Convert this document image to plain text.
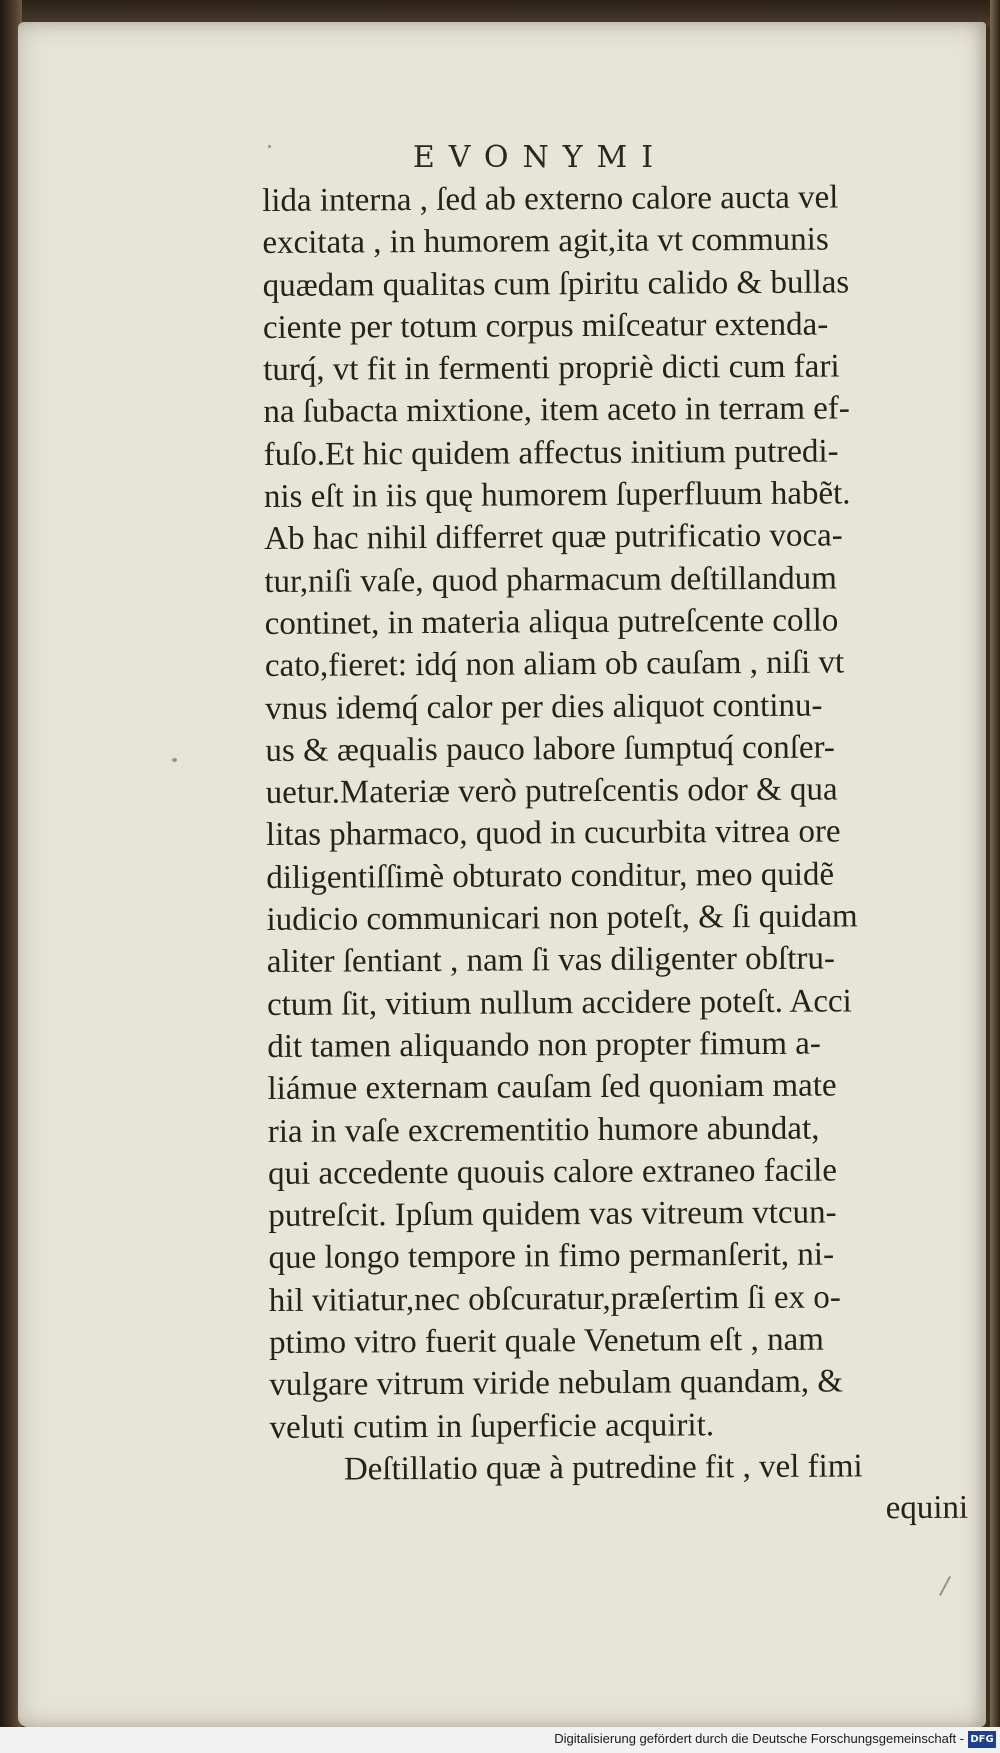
EVONYMI
lida interna , ſed ab externo calore aucta vel
excitata , in humorem agit,ita vt communis
quædam qualitas cum ſpiritu calido & bullas
ciente per totum corpus miſceatur extenda-
turq́, vt fit in fermenti propriè dicti cum fari
na ſubacta mixtione, item aceto in terram ef-
fuſo.Et hic quidem affectus initium putredi-
nis eſt in iis quę humorem ſuperfluum habẽt.
Ab hac nihil differret quæ putrificatio voca-
tur,niſi vaſe, quod pharmacum deſtillandum
continet, in materia aliqua putreſcente collo
cato,fieret: idq́ non aliam ob cauſam , niſi vt
vnus idemq́ calor per dies aliquot continu-
us & æqualis pauco labore ſumptuq́ conſer-
uetur.Materiæ verò putreſcentis odor & qua
litas pharmaco, quod in cucurbita vitrea ore
diligentiſſimè obturato conditur, meo quidẽ
iudicio communicari non poteſt, & ſi quidam
aliter ſentiant , nam ſi vas diligenter obſtru-
ctum ſit, vitium nullum accidere poteſt. Acci
dit tamen aliquando non propter fimum a-
liámue externam cauſam ſed quoniam mate
ria in vaſe excrementitio humore abundat,
qui accedente quouis calore extraneo facile
putreſcit. Ipſum quidem vas vitreum vtcun-
que longo tempore in fimo permanſerit, ni-
hil vitiatur,nec obſcuratur,præſertim ſi ex o-
ptimo vitro fuerit quale Venetum eſt , nam
vulgare vitrum viride nebulam quandam, &
veluti cutim in ſuperficie acquirit.
Deſtillatio quæ à putredine fit , vel fimi
equini
Digitalisierung gefördert durch die Deutsche Forschungsgemeinschaft - DFG
